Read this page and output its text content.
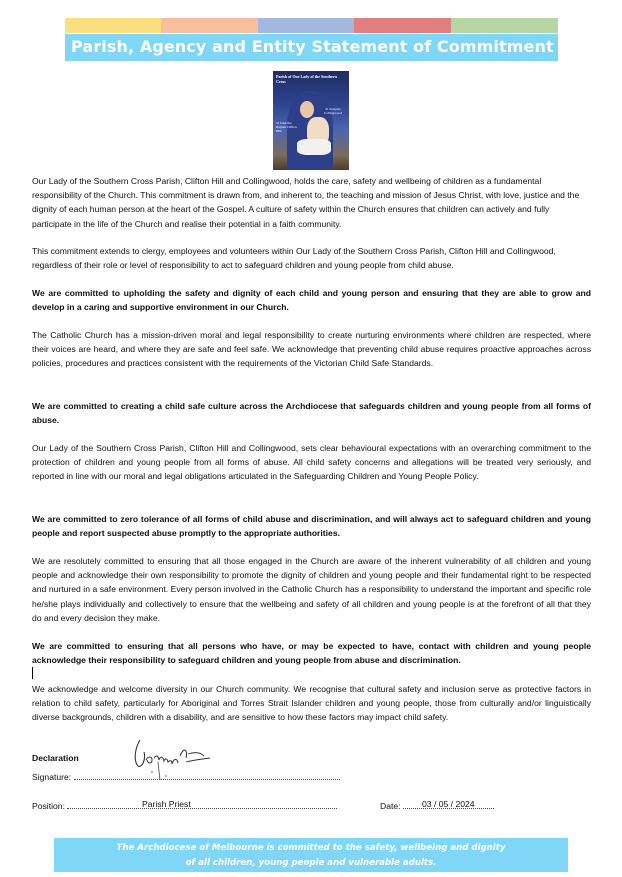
Parish, Agency and Entity Statement of Commitment
Parish of Our Lady of the Southern Cross
St Joseph's Collingwood
St John the Baptist Clifton Hill
Our Lady of the Southern Cross Parish, Clifton Hill and Collingwood, holds the care, safety and wellbeing of children as a fundamental responsibility of the Church. This commitment is drawn from, and inherent to, the teaching and mission of Jesus Christ, with love, justice and the dignity of each human person at the heart of the Gospel. A culture of safety within the Church ensures that children can actively and fully participate in the life of the Church and realise their potential in a faith community.
This commitment extends to clergy, employees and volunteers within Our Lady of the Southern Cross Parish, Clifton Hill and Collingwood, regardless of their role or level of responsibility to act to safeguard children and young people from child abuse.
We are committed to upholding the safety and dignity of each child and young person and ensuring that they are able to grow and develop in a caring and supportive environment in our Church.
The Catholic Church has a mission-driven moral and legal responsibility to create nurturing environments where children are respected, where their voices are heard, and where they are safe and feel safe. We acknowledge that preventing child abuse requires proactive approaches across policies, procedures and practices consistent with the requirements of the Victorian Child Safe Standards.
We are committed to creating a child safe culture across the Archdiocese that safeguards children and young people from all forms of abuse.
Our Lady of the Southern Cross Parish, Clifton Hill and Collingwood, sets clear behavioural expectations with an overarching commitment to the protection of children and young people from all forms of abuse. All child safety concerns and allegations will be treated very seriously, and reported in line with our moral and legal obligations articulated in the Safeguarding Children and Young People Policy.
We are committed to zero tolerance of all forms of child abuse and discrimination, and will always act to safeguard children and young people and report suspected abuse promptly to the appropriate authorities.
We are resolutely committed to ensuring that all those engaged in the Church are aware of the inherent vulnerability of all children and young people and acknowledge their own responsibility to promote the dignity of children and young people and their fundamental right to be respected and nurtured in a safe environment. Every person involved in the Catholic Church has a responsibility to understand the important and specific role he/she plays individually and collectively to ensure that the wellbeing and safety of all children and young people is at the forefront of all that they do and every decision they make.
We are committed to ensuring that all persons who have, or may be expected to have, contact with children and young people acknowledge their responsibility to safeguard children and young people from abuse and discrimination.
We acknowledge and welcome diversity in our Church community. We recognise that cultural safety and inclusion serve as protective factors in relation to child safety, particularly for Aboriginal and Torres Strait Islander children and young people, those from culturally and/or linguistically diverse backgrounds, children with a disability, and are sensitive to how these factors may impact child safety.
Declaration
Signature:
Position:	Parish Priest	Date: 03 / 05 / 2024
The Archdiocese of Melbourne is committed to the safety, wellbeing and dignity
of all children, young people and vulnerable adults.
